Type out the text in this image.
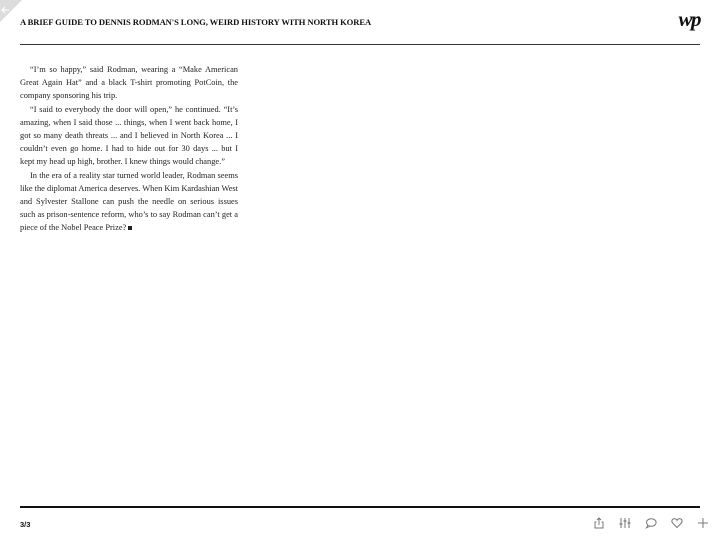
A BRIEF GUIDE TO DENNIS RODMAN'S LONG, WEIRD HISTORY WITH NORTH KOREA	wp

“I’m so happy,” said Rodman, wearing a “Make American Great Again Hat” and a black T-shirt promoting PotCoin, the company sponsoring his trip.

“I said to everybody the door will open,” he continued. “It’s amazing, when I said those ... things, when I went back home, I got so many death threats ... and I believed in North Korea ... I couldn’t even go home. I had to hide out for 30 days ... but I kept my head up high, brother. I knew things would change.”

In the era of a reality star turned world leader, Rodman seems like the diplomat America deserves. When Kim Kardashian West and Sylvester Stallone can push the needle on serious issues such as prison-sentence reform, who’s to say Rodman can’t get a piece of the Nobel Peace Prize?

3/3
